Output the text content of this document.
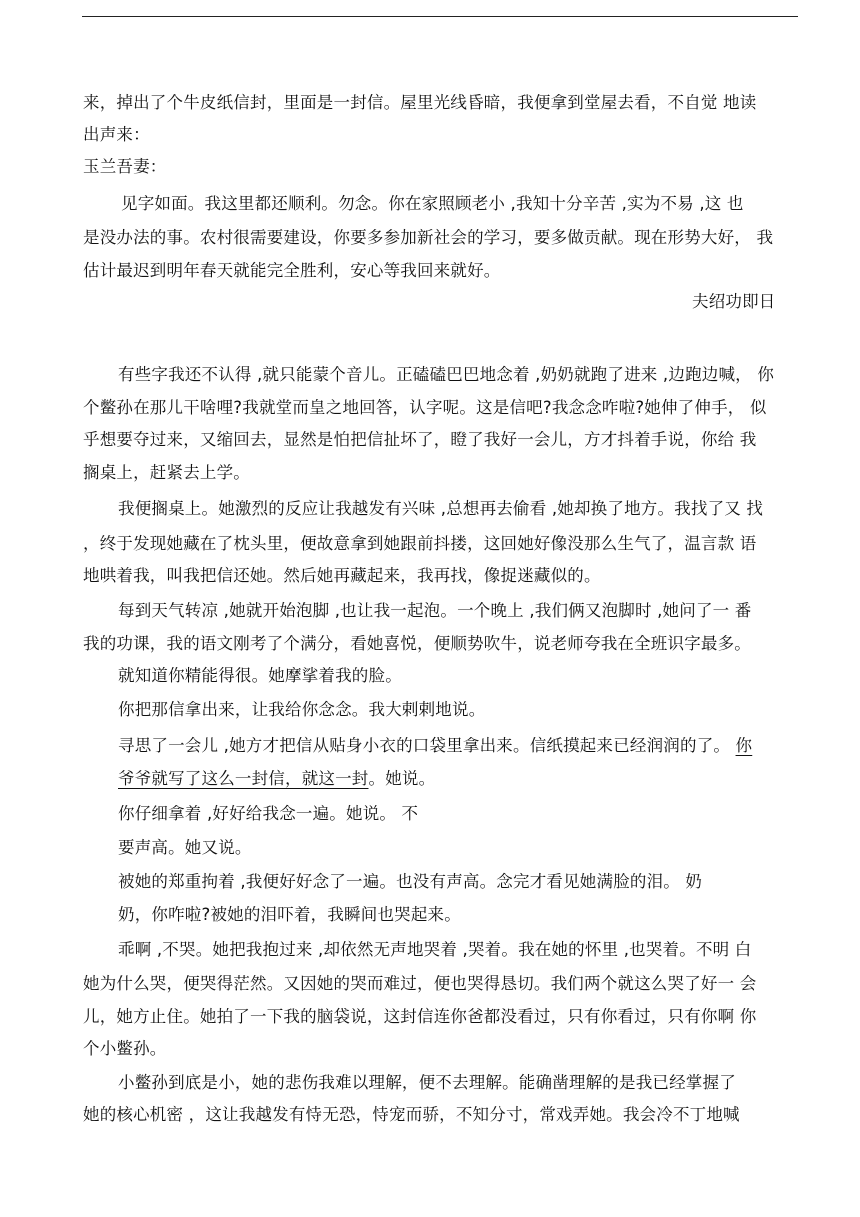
来，掉出了个牛皮纸信封，里面是一封信。屋里光线昏暗，我便拿到堂屋去看，不自觉 地读
出声来：
玉兰吾妻：
见字如面。我这里都还顺利。勿念。你在家照顾老小 ,我知十分辛苦 ,实为不易 ,这 也
是没办法的事。农村很需要建设，你要多参加新社会的学习，要多做贡献。现在形势大好， 我
估计最迟到明年春天就能完全胜利，安心等我回来就好。
夫绍功即日
有些字我还不认得 ,就只能蒙个音儿。正磕磕巴巴地念着 ,奶奶就跑了进来 ,边跑边喊， 你
个鳖孙在那儿干啥哩?我就堂而皇之地回答，认字呢。这是信吧?我念念咋啦?她伸了伸手， 似
乎想要夺过来，又缩回去，显然是怕把信扯坏了，瞪了我好一会儿，方才抖着手说，你给 我
搁桌上，赶紧去上学。
我便搁桌上。她激烈的反应让我越发有兴味 ,总想再去偷看 ,她却换了地方。我找了又 找
，终于发现她藏在了枕头里，便故意拿到她跟前抖搂，这回她好像没那么生气了，温言款 语
地哄着我，叫我把信还她。然后她再藏起来，我再找，像捉迷藏似的。
每到天气转凉 ,她就开始泡脚 ,也让我一起泡。一个晚上 ,我们俩又泡脚时 ,她问了一 番
我的功课，我的语文刚考了个满分，看她喜悦，便顺势吹牛，说老师夸我在全班识字最多。
就知道你精能得很。她摩挲着我的脸。
你把那信拿出来，让我给你念念。我大剌剌地说。
寻思了一会儿 ,她方才把信从贴身小衣的口袋里拿出来。信纸摸起来已经润润的了。 你
爷爷就写了这么一封信，就这一封。她说。
你仔细拿着 ,好好给我念一遍。她说。 不
要声高。她又说。
被她的郑重拘着 ,我便好好念了一遍。也没有声高。念完才看见她满脸的泪。 奶
奶，你咋啦?被她的泪吓着，我瞬间也哭起来。
乖啊 ,不哭。她把我抱过来 ,却依然无声地哭着 ,哭着。我在她的怀里 ,也哭着。不明 白
她为什么哭，便哭得茫然。又因她的哭而难过，便也哭得恳切。我们两个就这么哭了好一 会
儿，她方止住。她拍了一下我的脑袋说，这封信连你爸都没看过，只有你看过，只有你啊 你
个小鳖孙。
小鳖孙到底是小，她的悲伤我难以理解，便不去理解。能确凿理解的是我已经掌握了
她的核心机密 ，这让我越发有恃无恐，恃宠而骄，不知分寸，常戏弄她。我会冷不丁地喊
